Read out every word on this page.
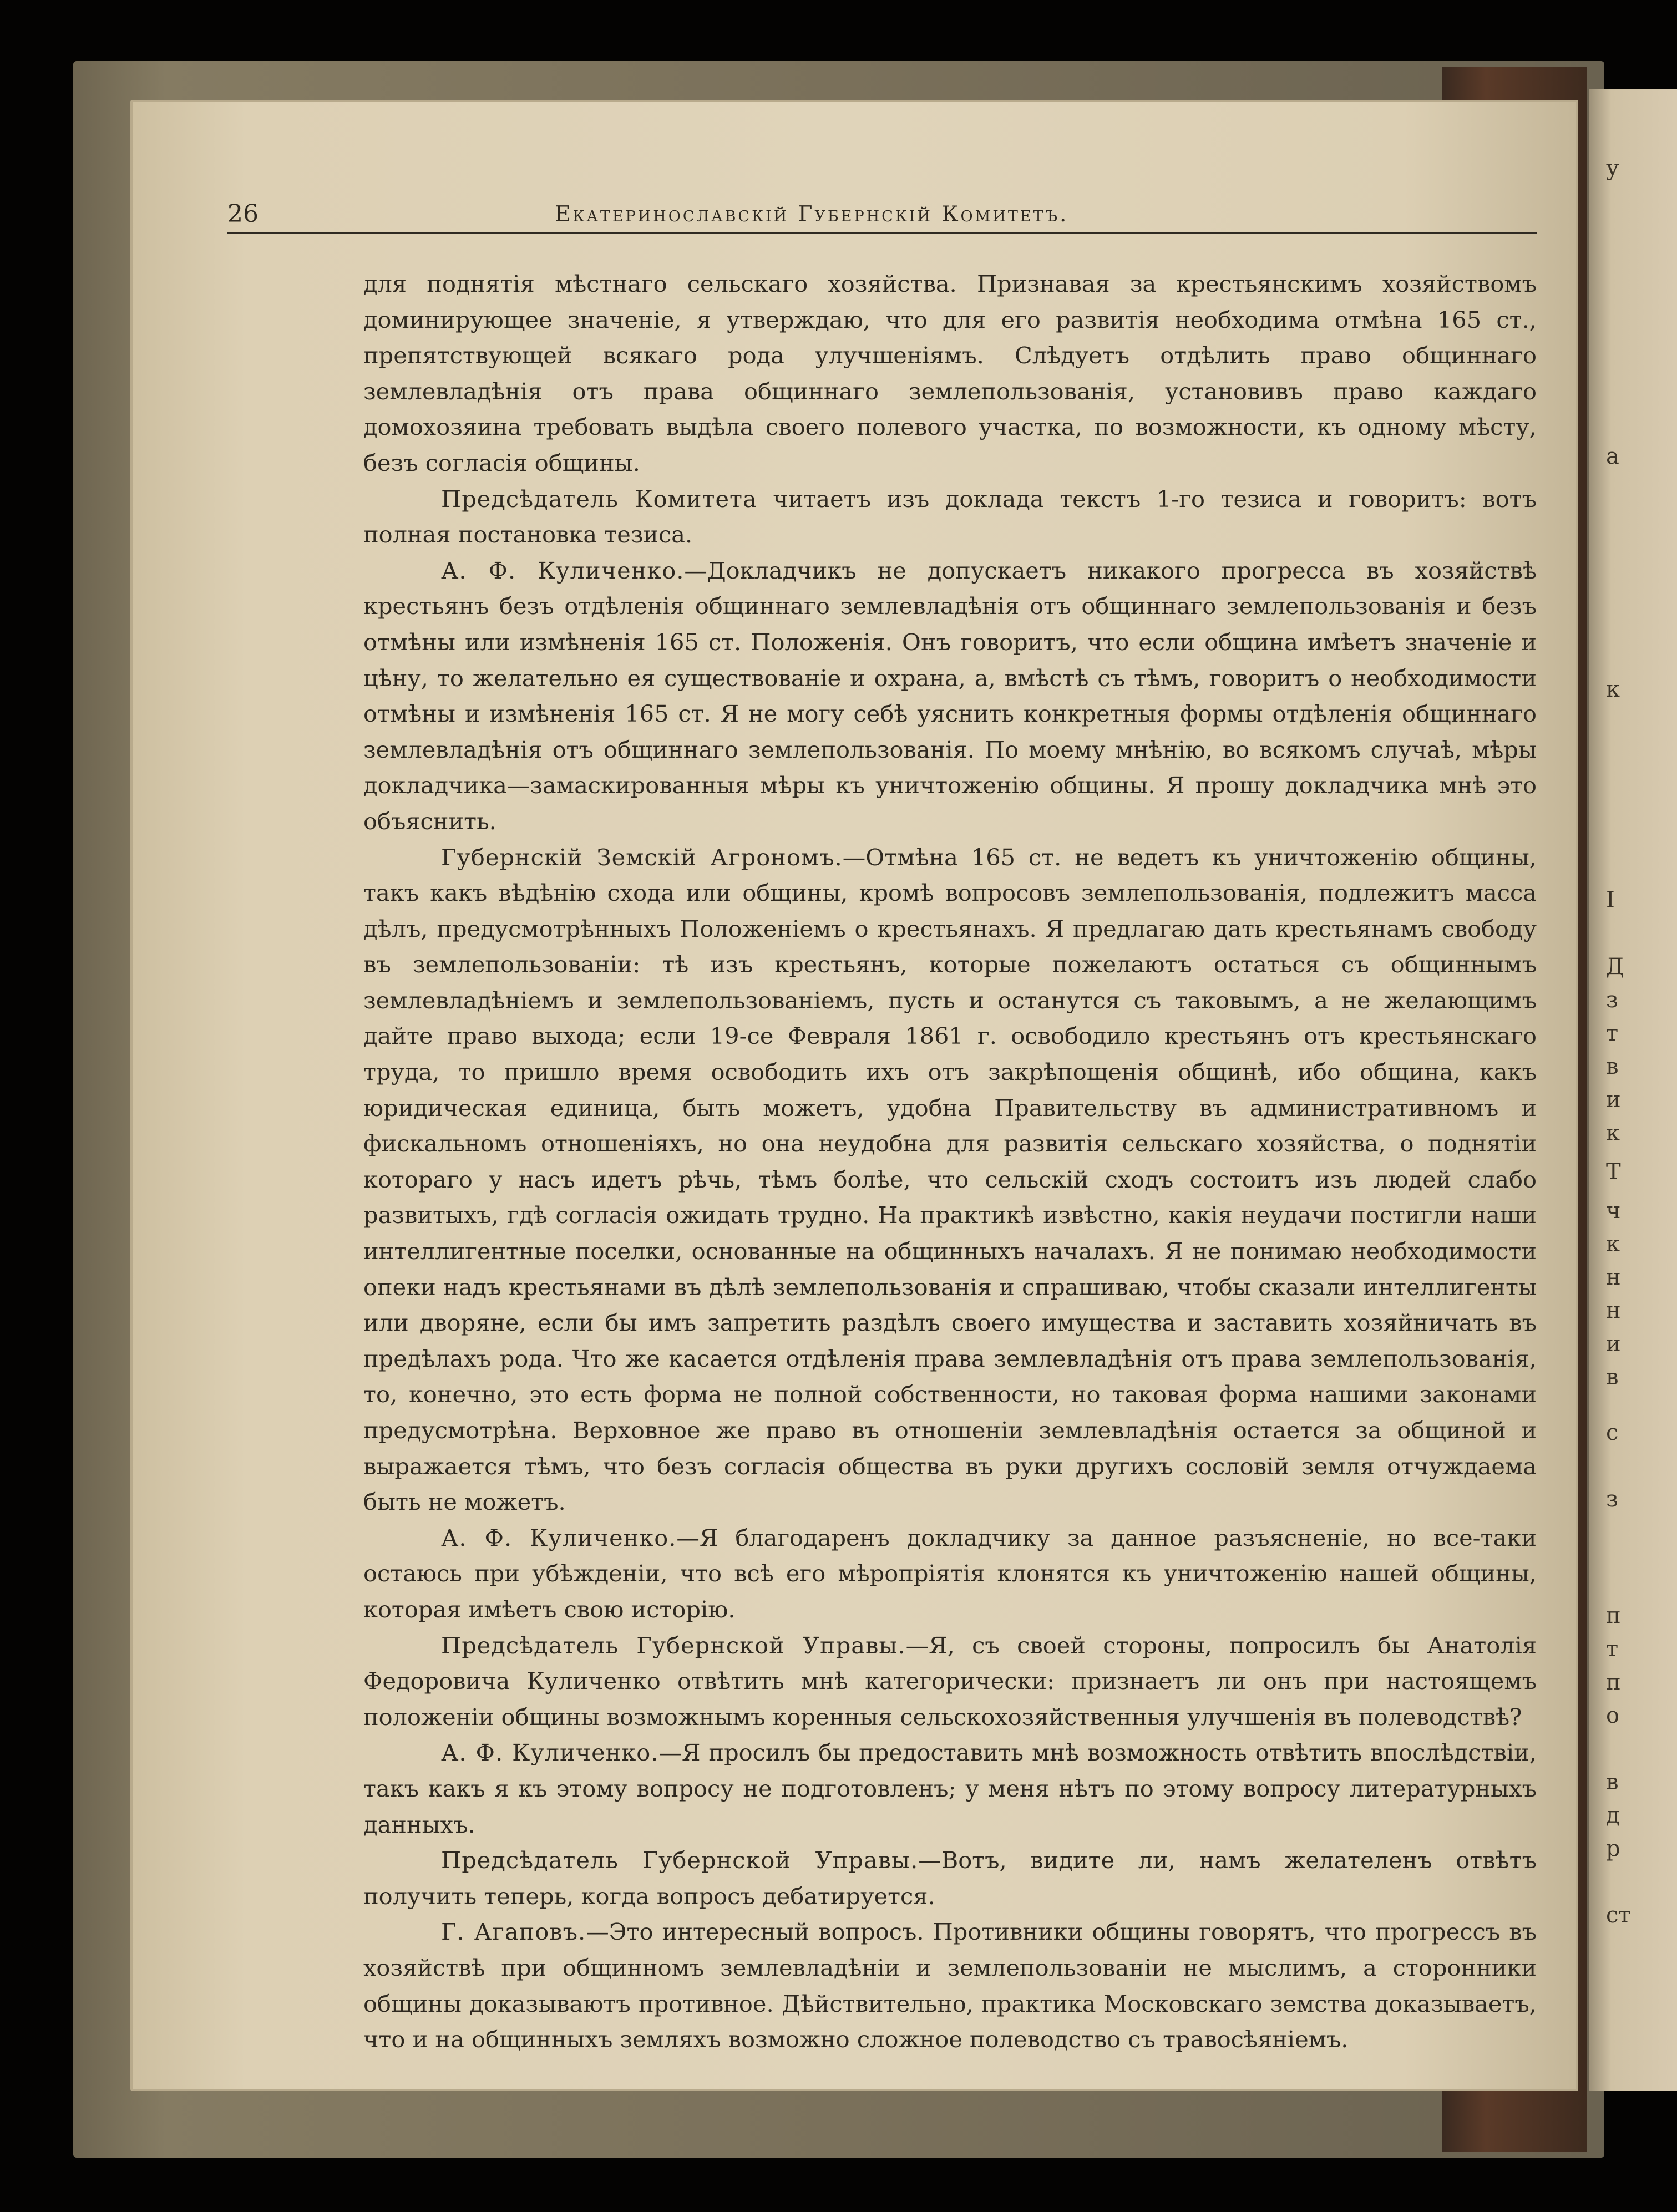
у
а
к
I
Д
з
т
в
и
к
Т
ч
к
н
н
и
в
с
з
п
т
п
о
в
д
р
ст
26	Екатеринославскій Губернскій Комитетъ.

для поднятія мѣстнаго сельскаго хозяйства. Признавая за крестьянскимъ хозяйствомъ доминирующее значеніе, я утверждаю, что для его развитія необходима отмѣна 165 ст., препятствующей всякаго рода улучшеніямъ. Слѣдуетъ отдѣлить право общиннаго землевладѣнія отъ права общиннаго землепользованія, установивъ право каждаго домохозяина требовать выдѣла своего полевого участка, по возможности, къ одному мѣсту, безъ согласія общины.

Предсѣдатель Комитета читаетъ изъ доклада текстъ 1-го тезиса и говоритъ: вотъ полная постановка тезиса.

А. Ф. Куличенко.—Докладчикъ не допускаетъ никакого прогресса въ хозяйствѣ крестьянъ безъ отдѣленія общиннаго землевладѣнія отъ общиннаго землепользованія и безъ отмѣны или измѣненія 165 ст. Положенія. Онъ говоритъ, что если община имѣетъ значеніе и цѣну, то желательно ея существованіе и охрана, а, вмѣстѣ съ тѣмъ, говоритъ о необходимости отмѣны и измѣненія 165 ст. Я не могу себѣ уяснить конкретныя формы отдѣленія общиннаго землевладѣнія отъ общиннаго землепользованія. По моему мнѣнію, во всякомъ случаѣ, мѣры докладчика—замаскированныя мѣры къ уничтоженію общины. Я прошу докладчика мнѣ это объяснить.

Губернскій Земскій Агрономъ.—Отмѣна 165 ст. не ведетъ къ уничтоженію общины, такъ какъ вѣдѣнію схода или общины, кромѣ вопросовъ землепользованія, подлежитъ масса дѣлъ, предусмотрѣнныхъ Положеніемъ о крестьянахъ. Я предлагаю дать крестьянамъ свободу въ землепользованіи: тѣ изъ крестьянъ, которые пожелаютъ остаться съ общиннымъ землевладѣніемъ и землепользованіемъ, пусть и останутся съ таковымъ, а не желающимъ дайте право выхода; если 19-се Февраля 1861 г. освободило крестьянъ отъ крестьянскаго труда, то пришло время освободить ихъ отъ закрѣпощенія общинѣ, ибо община, какъ юридическая единица, быть можетъ, удобна Правительству въ административномъ и фискальномъ отношеніяхъ, но она неудобна для развитія сельскаго хозяйства, о поднятіи котораго у насъ идетъ рѣчь, тѣмъ болѣе, что сельскій сходъ состоитъ изъ людей слабо развитыхъ, гдѣ согласія ожидать трудно. На практикѣ извѣстно, какія неудачи постигли наши интеллигентные поселки, основанные на общинныхъ началахъ. Я не понимаю необходимости опеки надъ крестьянами въ дѣлѣ землепользованія и спрашиваю, чтобы сказали интеллигенты или дворяне, если бы имъ запретить раздѣлъ своего имущества и заставить хозяйничать въ предѣлахъ рода. Что же касается отдѣленія права землевладѣнія отъ права землепользованія, то, конечно, это есть форма не полной собственности, но таковая форма нашими законами предусмотрѣна. Верховное же право въ отношеніи землевладѣнія остается за общиной и выражается тѣмъ, что безъ согласія общества въ руки другихъ сословій земля отчуждаема быть не можетъ.

А. Ф. Куличенко.—Я благодаренъ докладчику за данное разъясненіе, но все-таки остаюсь при убѣжденіи, что всѣ его мѣропріятія клонятся къ уничтоженію нашей общины, которая имѣетъ свою исторію.

Предсѣдатель Губернской Управы.—Я, съ своей стороны, попросилъ бы Анатолія Федоровича Куличенко отвѣтить мнѣ категорически: признаетъ ли онъ при настоящемъ положеніи общины возможнымъ коренныя сельскохозяйственныя улучшенія въ полеводствѣ?

А. Ф. Куличенко.—Я просилъ бы предоставить мнѣ возможность отвѣтить впослѣдствіи, такъ какъ я къ этому вопросу не подготовленъ; у меня нѣтъ по этому вопросу литературныхъ данныхъ.

Предсѣдатель Губернской Управы.—Вотъ, видите ли, намъ желателенъ отвѣтъ получить теперь, когда вопросъ дебатируется.

Г. Агаповъ.—Это интересный вопросъ. Противники общины говорятъ, что прогрессъ въ хозяйствѣ при общинномъ землевладѣніи и землепользованіи не мыслимъ, а сторонники общины доказываютъ противное. Дѣйствительно, практика Московскаго земства доказываетъ, что и на общинныхъ земляхъ возможно сложное полеводство съ травосѣяніемъ.
